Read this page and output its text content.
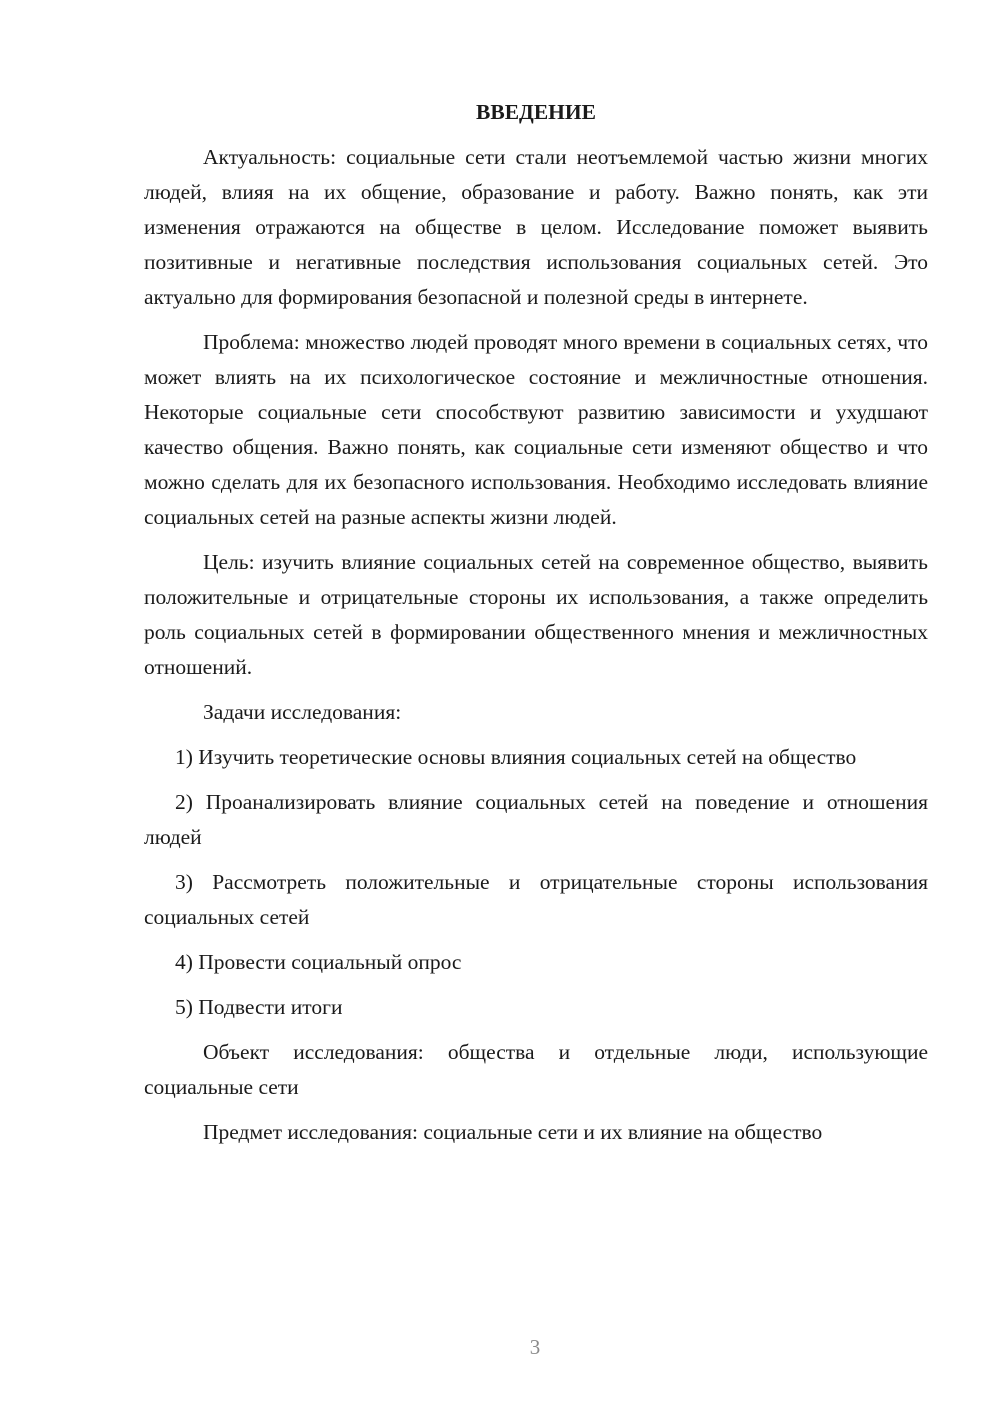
ВВЕДЕНИЕ

Актуальность: социальные сети стали неотъемлемой частью жизни многих людей, влияя на их общение, образование и работу. Важно понять, как эти изменения отражаются на обществе в целом. Исследование поможет выявить позитивные и негативные последствия использования социальных сетей. Это актуально для формирования безопасной и полезной среды в интернете.

Проблема: множество людей проводят много времени в социальных сетях, что может влиять на их психологическое состояние и межличностные отношения. Некоторые социальные сети способствуют развитию зависимости и ухудшают качество общения. Важно понять, как социальные сети изменяют общество и что можно сделать для их безопасного использования. Необходимо исследовать влияние социальных сетей на разные аспекты жизни людей.

Цель: изучить влияние социальных сетей на современное общество, выявить положительные и отрицательные стороны их использования, а также определить роль социальных сетей в формировании общественного мнения и межличностных отношений.

Задачи исследования:

1) Изучить теоретические основы влияния социальных сетей на общество

2) Проанализировать влияние социальных сетей на поведение и отношения людей

3) Рассмотреть положительные и отрицательные стороны использования социальных сетей

4) Провести социальный опрос

5) Подвести итоги

Объект исследования: общества и отдельные люди, использующие социальные сети

Предмет исследования: социальные сети и их влияние на общество

3
